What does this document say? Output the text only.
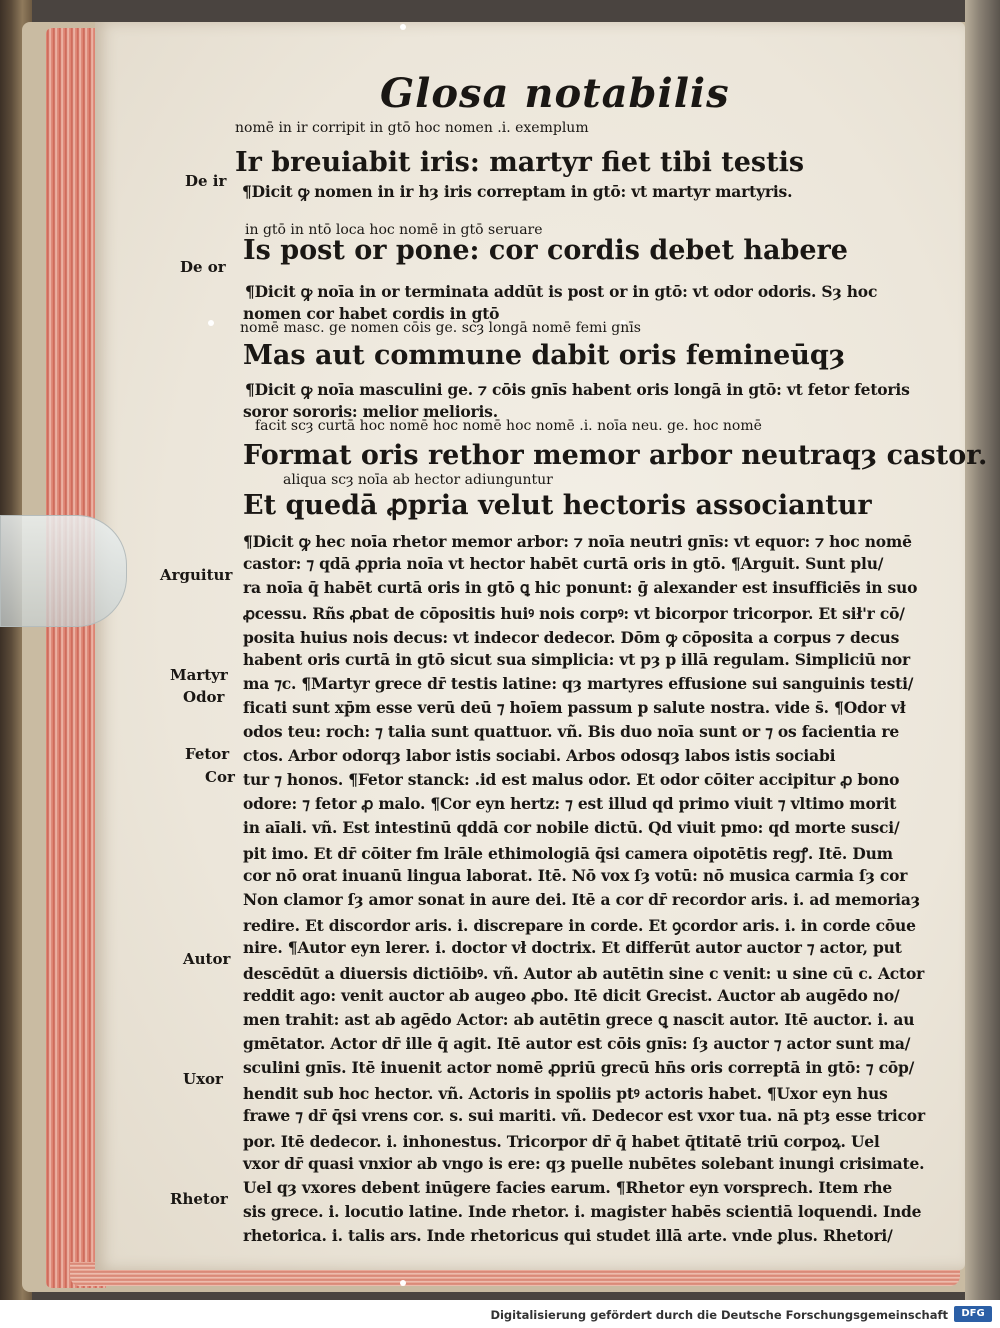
Glosa notabilis
nomē in ir corripit in gtō hoc nomen .i. exemplum
De ir
Ir breuiabit iris: martyr fiet tibi testis
¶Dicit ꝙ nomen in ir hȝ iris correptam in gtō: vt martyr martyris.
in gtō in ntō loca hoc nomē in gtō seruare
De or
Is post or pone: cor cordis debet habere
¶Dicit ꝙ noīa in or terminata addūt is post or in gtō: vt odor odoris. Sȝ hoc
nomen cor habet cordis in gtō
nomē masc. ge nomen cōis ge. scȝ longā nomē femi gnīs
Mas aut commune dabit oris femineūqȝ
¶Dicit ꝙ noīa masculini ge. ⁊ cōis gnīs habent oris longā in gtō: vt fetor fetoris
soror sororis: melior melioris.
facit scȝ curtā hoc nomē hoc nomē hoc nomē .i. noīa neu. ge. hoc nomē
Format oris rethor memor arbor neutraqȝ castor.
aliqua scȝ noīa ab hector adiunguntur
Et quedā ꝓpria velut hectoris associantur
¶Dicit ꝙ hec noīa rhetor memor arbor: ⁊ noīa neutri gnīs: vt equor: ⁊ hoc nomē
castor: ⁊ qdā ꝓpria noīa vt hector habēt curtā oris in gtō. ¶Arguit. Sunt plu/
Arguitur
ra noīa q̄ habēt curtā oris in gtō ꝗ hic ponunt: ḡ alexander est insufficiēs in suo
ꝓcessu. Rñs ꝓbat de cōpositis huiꝰ nois corpꝰ: vt bicorpor tricorpor. Et sił'r cō/
posita huius nois decus: vt indecor dedecor. Dōm ꝙ cōposita a corpus ⁊ decus
habent oris curtā in gtō sicut sua simplicia: vt pȝ p illā regulam. Simpliciū nor
ma ⁊c. ¶Martyr grece dr̄ testis latine: qȝ martyres effusione sui sanguinis testi/
Martyr
Odor
ficati sunt xp̄m esse verū deū ⁊ hoīem passum p salute nostra. vide s̄. ¶Odor vł
odos teu: roch: ⁊ talia sunt quattuor. vñ. Bis duo noīa sunt or ⁊ os facientia re
ctos. Arbor odorqȝ labor istis sociabi. Arbos odosqȝ labos istis sociabi
tur ⁊ honos. ¶Fetor stanck: .id est malus odor. Et odor cōiter accipitur ꝓ bono
Fetor
Cor
odore: ⁊ fetor ꝓ malo. ¶Cor eyn hertz: ⁊ est illud qd primo viuit ⁊ vltimo morit
in aīali. vñ. Est intestinū qddā cor nobile dictū. Qd viuit pmo: qd morte susci/
pit imo. Et dr̄ cōiter fm lrāle ethimologiā q̄si camera oipotētis regꝭ. Itē. Dum
cor nō orat inuanū lingua laborat. Itē. Nō vox ſȝ votū: nō musica carmia ſȝ cor
Non clamor ſȝ amor sonat in aure dei. Itē a cor dr̄ recordor aris. i. ad memoriaȝ
redire. Et discordor aris. i. discrepare in corde. Et ꝯcordor aris. i. in corde cōue
nire. ¶Autor eyn lerer. i. doctor vł doctrix. Et differūt autor auctor ⁊ actor, put
Autor
descēdūt a diuersis dictiōibꝰ. vñ. Autor ab autētin sine c venit: u sine cū c. Actor
reddit ago: venit auctor ab augeo ꝓbo. Itē dicit Grecist. Auctor ab augēdo no/
men trahit: ast ab agēdo Actor: ab autētin grece ꝗ nascit autor. Itē auctor. i. au
gmētator. Actor dr̄ ille q̄ agit. Itē autor est cōis gnīs: ſȝ auctor ⁊ actor sunt ma/
sculini gnīs. Itē inuenit actor nomē ꝓpriū grecū hn̄s oris correptā in gtō: ⁊ cōp/
Uxor
hendit sub hoc hector. vñ. Actoris in spoliis ptꝰ actoris habet. ¶Uxor eyn hus
frawe ⁊ dr̄ q̄si vrens cor. s. sui mariti. vñ. Dedecor est vxor tua. nā ptȝ esse tricor
por. Itē dedecor. i. inhonestus. Tricorpor dr̄ q̄ habet q̄titatē triū corpoꝝ. Uel
vxor dr̄ quasi vnxior ab vngo is ere: qȝ puelle nubētes solebant inungi crisimate.
Uel qȝ vxores debent inūgere facies earum. ¶Rhetor eyn vorsprech. Item rhe
Rhetor
sis grece. i. locutio latine. Inde rhetor. i. magister habēs scientiā loquendi. Inde
rhetorica. i. talis ars. Inde rhetoricus qui studet illā arte. vnde ꝑlus. Rhetori/
Digitalisierung gefördert durch die Deutsche Forschungsgemeinschaft	DFG
